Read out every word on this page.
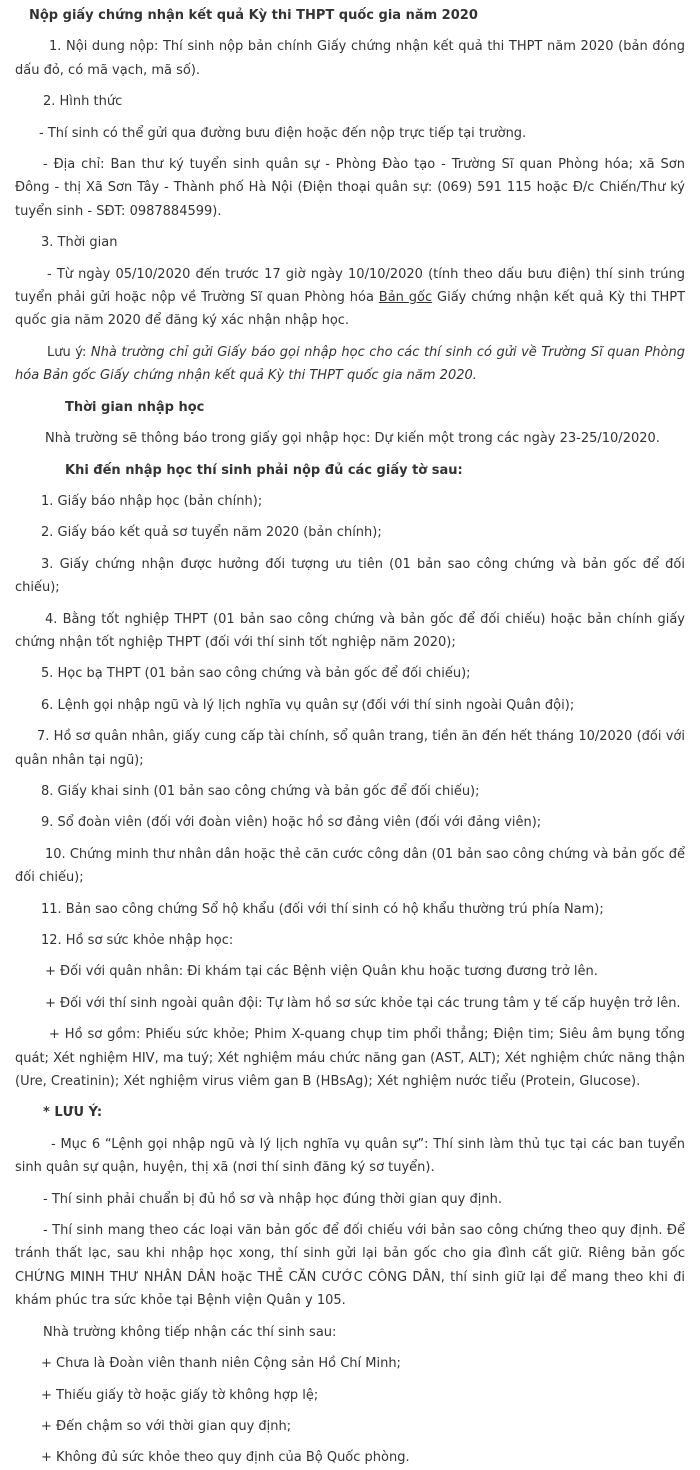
Nộp giấy chứng nhận kết quả Kỳ thi THPT quốc gia năm 2020

1. Nội dung nộp: Thí sinh nộp bản chính Giấy chứng nhận kết quả thi THPT năm 2020 (bản đóng dấu đỏ, có mã vạch, mã số).

2. Hình thức

- Thí sinh có thể gửi qua đường bưu điện hoặc đến nộp trực tiếp tại trường.

- Địa chỉ: Ban thư ký tuyển sinh quân sự - Phòng Đào tạo - Trường Sĩ quan Phòng hóa; xã Sơn Đông - thị Xã Sơn Tây - Thành phố Hà Nội (Điện thoại quân sự: (069) 591 115 hoặc Đ/c Chiến/Thư ký tuyển sinh - SĐT: 0987884599).

3. Thời gian

- Từ ngày 05/10/2020 đến trước 17 giờ ngày 10/10/2020 (tính theo dấu bưu điện) thí sinh trúng tuyển phải gửi hoặc nộp về Trường Sĩ quan Phòng hóa Bản gốc Giấy chứng nhận kết quả Kỳ thi THPT quốc gia năm 2020 để đăng ký xác nhận nhập học.

Lưu ý: Nhà trường chỉ gửi Giấy báo gọi nhập học cho các thí sinh có gửi về Trường Sĩ quan Phòng hóa Bản gốc Giấy chứng nhận kết quả Kỳ thi THPT quốc gia năm 2020.

Thời gian nhập học

Nhà trường sẽ thông báo trong giấy gọi nhập học: Dự kiến một trong các ngày 23-25/10/2020.

Khi đến nhập học thí sinh phải nộp đủ các giấy tờ sau:

1. Giấy báo nhập học (bản chính);

2. Giấy báo kết quả sơ tuyển năm 2020 (bản chính);

3. Giấy chứng nhận được hưởng đối tượng ưu tiên (01 bản sao công chứng và bản gốc để đối chiếu);

4. Bằng tốt nghiệp THPT (01 bản sao công chứng và bản gốc để đối chiếu) hoặc bản chính giấy chứng nhận tốt nghiệp THPT (đối với thí sinh tốt nghiệp năm 2020);

5. Học bạ THPT (01 bản sao công chứng và bản gốc để đối chiếu);

6. Lệnh gọi nhập ngũ và lý lịch nghĩa vụ quân sự (đối với thí sinh ngoài Quân đội);

7. Hồ sơ quân nhân, giấy cung cấp tài chính, sổ quân trang, tiền ăn đến hết tháng 10/2020 (đối với quân nhân tại ngũ);

8. Giấy khai sinh (01 bản sao công chứng và bản gốc để đối chiếu);

9. Sổ đoàn viên (đối với đoàn viên) hoặc hồ sơ đảng viên (đối với đảng viên);

10. Chứng minh thư nhân dân hoặc thẻ căn cước công dân (01 bản sao công chứng và bản gốc để đối chiếu);

11. Bản sao công chứng Sổ hộ khẩu (đối với thí sinh có hộ khẩu thường trú phía Nam);

12. Hồ sơ sức khỏe nhập học:

+ Đối với quân nhân: Đi khám tại các Bệnh viện Quân khu hoặc tương đương trở lên.

+ Đối với thí sinh ngoài quân đội: Tự làm hồ sơ sức khỏe tại các trung tâm y tế cấp huyện trở lên.

+ Hồ sơ gồm: Phiếu sức khỏe; Phim X-quang chụp tim phổi thẳng; Điện tim; Siêu âm bụng tổng quát; Xét nghiệm HIV, ma tuý; Xét nghiệm máu chức năng gan (AST, ALT); Xét nghiệm chức năng thận (Ure, Creatinin); Xét nghiệm virus viêm gan B (HBsAg); Xét nghiệm nước tiểu (Protein, Glucose).

* LƯU Ý:

- Mục 6 “Lệnh gọi nhập ngũ và lý lịch nghĩa vụ quân sự”: Thí sinh làm thủ tục tại các ban tuyển sinh quân sự quận, huyện, thị xã (nơi thí sinh đăng ký sơ tuyển).

- Thí sinh phải chuẩn bị đủ hồ sơ và nhập học đúng thời gian quy định.

- Thí sinh mang theo các loại văn bản gốc để đối chiếu với bản sao công chứng theo quy định. Để tránh thất lạc, sau khi nhập học xong, thí sinh gửi lại bản gốc cho gia đình cất giữ. Riêng bản gốc CHỨNG MINH THƯ NHÂN DÂN hoặc THẺ CĂN CƯỚC CÔNG DÂN, thí sinh giữ lại để mang theo khi đi khám phúc tra sức khỏe tại Bệnh viện Quân y 105.

Nhà trường không tiếp nhận các thí sinh sau:

+ Chưa là Đoàn viên thanh niên Cộng sản Hồ Chí Minh;

+ Thiếu giấy tờ hoặc giấy tờ không hợp lệ;

+ Đến chậm so với thời gian quy định;

+ Không đủ sức khỏe theo quy định của Bộ Quốc phòng.
